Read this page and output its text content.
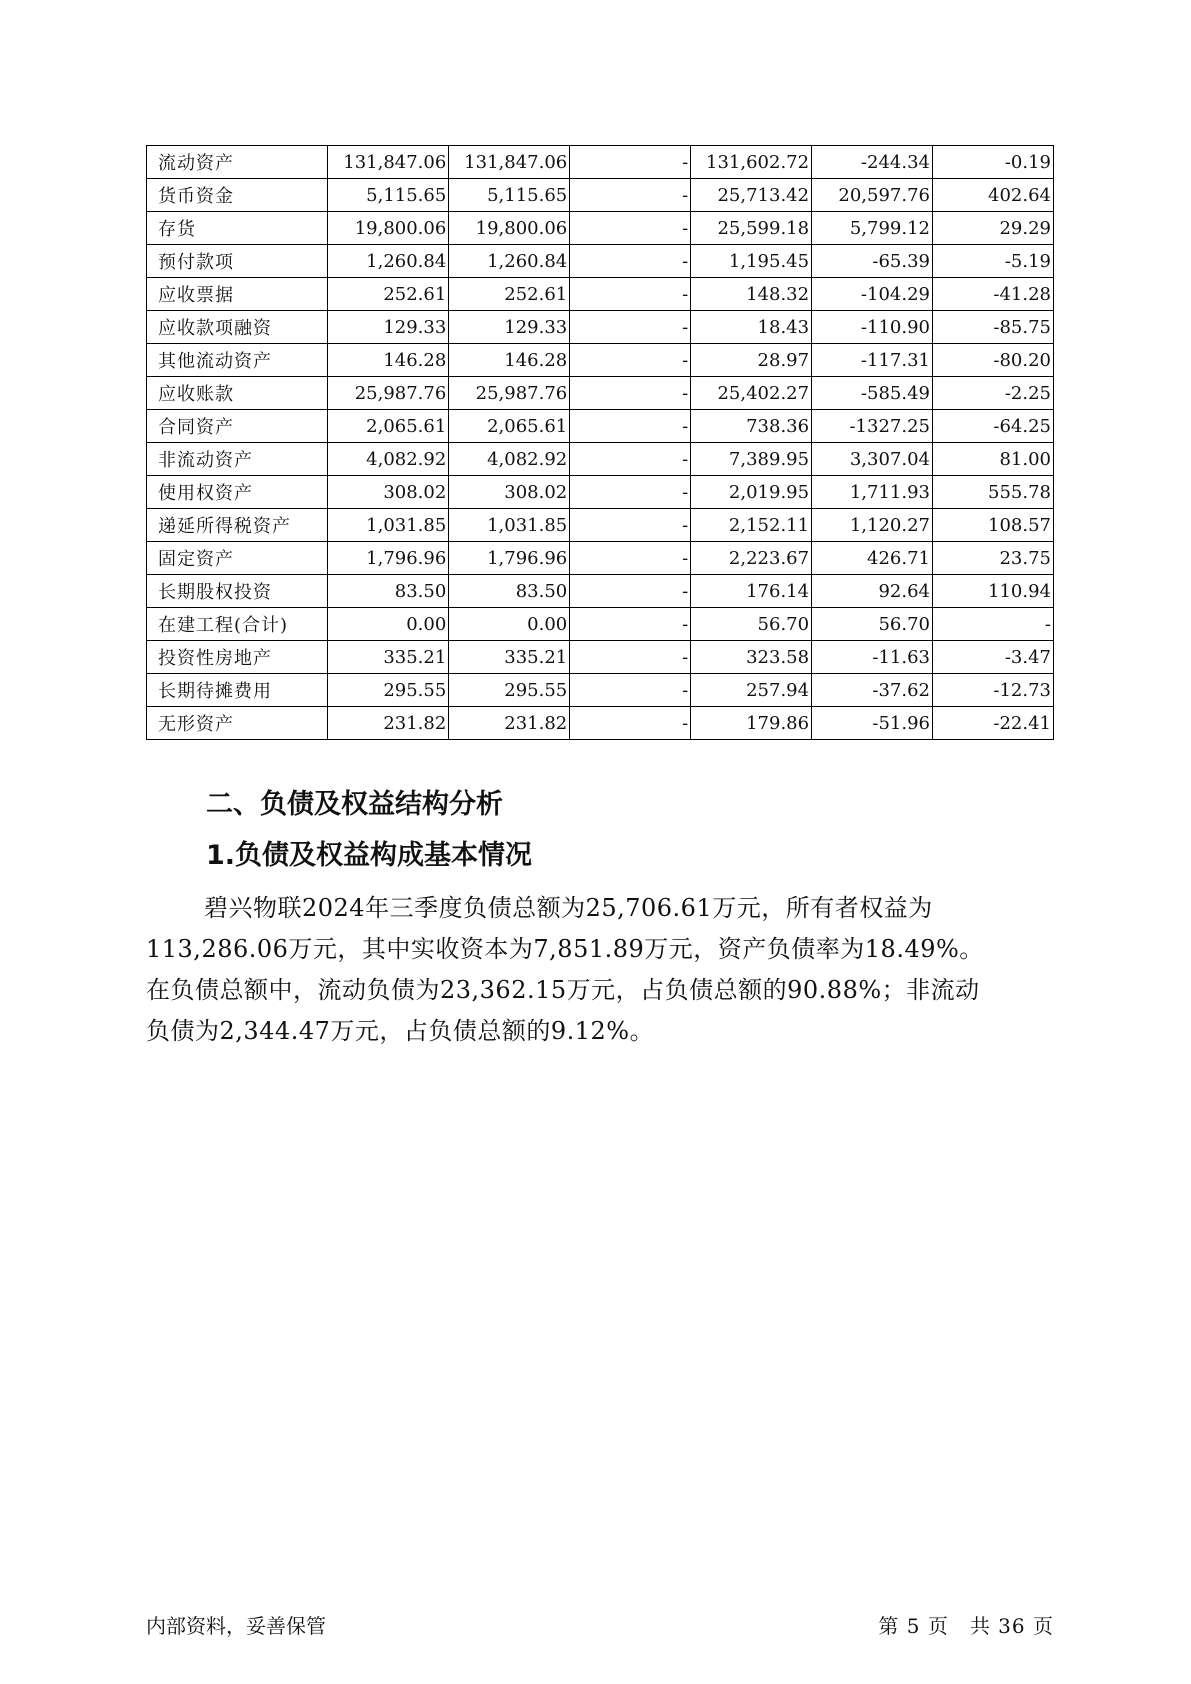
流动资产	131,847.06	131,847.06	-	131,602.72	-244.34	-0.19
货币资金	5,115.65	5,115.65	-	25,713.42	20,597.76	402.64
存货	19,800.06	19,800.06	-	25,599.18	5,799.12	29.29
预付款项	1,260.84	1,260.84	-	1,195.45	-65.39	-5.19
应收票据	252.61	252.61	-	148.32	-104.29	-41.28
应收款项融资	129.33	129.33	-	18.43	-110.90	-85.75
其他流动资产	146.28	146.28	-	28.97	-117.31	-80.20
应收账款	25,987.76	25,987.76	-	25,402.27	-585.49	-2.25
合同资产	2,065.61	2,065.61	-	738.36	-1327.25	-64.25
非流动资产	4,082.92	4,082.92	-	7,389.95	3,307.04	81.00
使用权资产	308.02	308.02	-	2,019.95	1,711.93	555.78
递延所得税资产	1,031.85	1,031.85	-	2,152.11	1,120.27	108.57
固定资产	1,796.96	1,796.96	-	2,223.67	426.71	23.75
长期股权投资	83.50	83.50	-	176.14	92.64	110.94
在建工程(合计)	0.00	0.00	-	56.70	56.70	-
投资性房地产	335.21	335.21	-	323.58	-11.63	-3.47
长期待摊费用	295.55	295.55	-	257.94	-37.62	-12.73
无形资产	231.82	231.82	-	179.86	-51.96	-22.41
二、负债及权益结构分析
1.负债及权益构成基本情况
碧兴物联2024年三季度负债总额为25,706.61万元，所有者权益为
113,286.06万元，其中实收资本为7,851.89万元，资产负债率为18.49%。
在负债总额中，流动负债为23,362.15万元，占负债总额的90.88%；非流动
负债为2,344.47万元，占负债总额的9.12%。

内部资料，妥善保管	第 5 页　共 36 页
